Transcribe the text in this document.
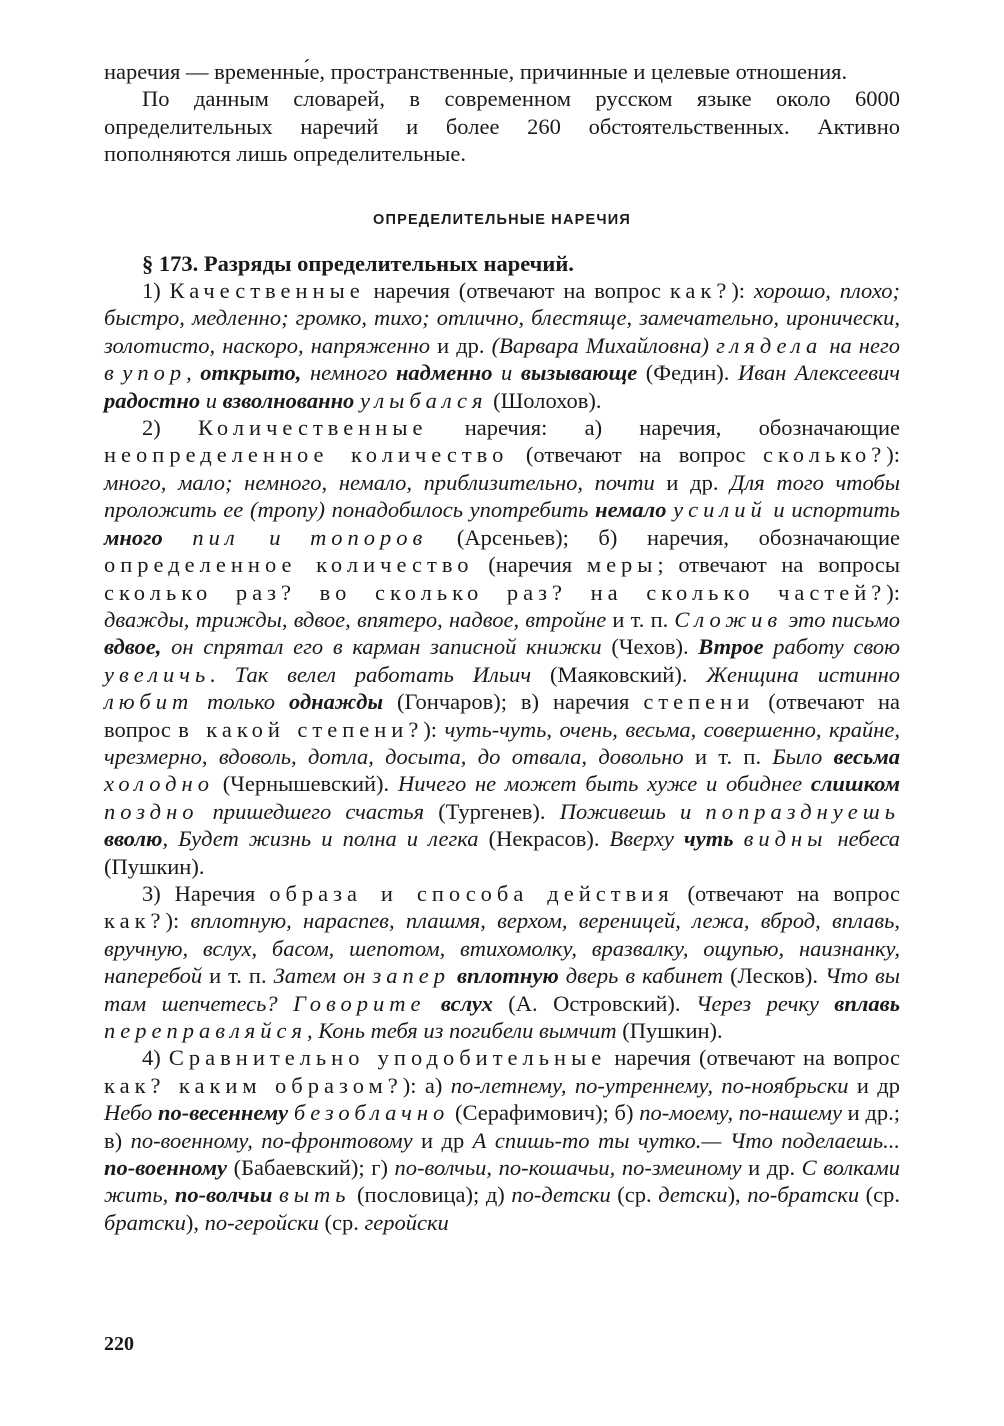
наречия — временны́е, пространственные, причинные и целевые отношения.

По данным словарей, в современном русском языке около 6000 определительных наречий и более 260 обстоятельственных. Активно пополняются лишь определительные.

ОПРЕДЕЛИТЕЛЬНЫЕ НАРЕЧИЯ

§ 173. Разряды определительных наречий.

1) Качественные наречия (отвечают на вопрос как?): хорошо, плохо; быстро, медленно; громко, тихо; отлично, блестяще, замечательно, иронически, золотисто, наскоро, напряженно и др. (Варвара Михайловна) глядела на него в упор, открыто, немного надменно и вызывающе (Федин). Иван Алексеевич радостно и взволнованно улыбался (Шолохов).

2) Количественные наречия: а) наречия, обозначающие неопределенное количество (отвечают на вопрос сколько?): много, мало; немного, немало, приблизительно, почти и др. Для того чтобы проложить ее (тропу) понадобилось употребить немало усилий и испортить много пил и топоров (Арсеньев); б) наречия, обозначающие определенное количество (наречия меры; отвечают на вопросы сколько раз? во сколько раз? на сколько частей?): дважды, трижды, вдвое, впятеро, надвое, втройне и т. п. Сложив это письмо вдвое, он спрятал его в карман записной книжки (Чехов). Втрое работу свою увеличь. Так велел работать Ильич (Маяковский). Женщина истинно любит только однажды (Гончаров); в) наречия степени (отвечают на вопрос в какой степени?): чуть-чуть, очень, весьма, совершенно, крайне, чрезмерно, вдоволь, дотла, досыта, до отвала, довольно и т. п. Было весьма холодно (Чернышевский). Ничего не может быть хуже и обиднее слишком поздно пришедшего счастья (Тургенев). Поживешь и попразднуешь вволю, Будет жизнь и полна и легка (Некрасов). Вверху чуть видны небеса (Пушкин).

3) Наречия образа и способа действия (отвечают на вопрос как?): вплотную, нараспев, плашмя, верхом, вереницей, лежа, вброд, вплавь, вручную, вслух, басом, шепотом, втихомолку, вразвалку, ощупью, наизнанку, наперебой и т. п. Затем он запер вплотную дверь в кабинет (Лесков). Что вы там шепчетесь? Говорите вслух (А. Островский). Через речку вплавь переправляйся, Конь тебя из погибели вымчит (Пушкин).

4) Сравнительно уподобительные наречия (отвечают на вопрос как? каким образом?): а) по-летнему, по-утреннему, по-ноябрьски и др Небо по-весеннему безоблачно (Серафимович); б) по-моему, по-нашему и др.; в) по-военному, по-фронтовому и др А спишь-то ты чутко.— Что поделаешь... по-военному (Бабаевский); г) по-волчьи, по-кошачьи, по-змеиному и др. С волками жить, по-волчьи выть (пословица); д) по-детски (ср. детски), по-братски (ср. братски), по-геройски (ср. геройски

220
